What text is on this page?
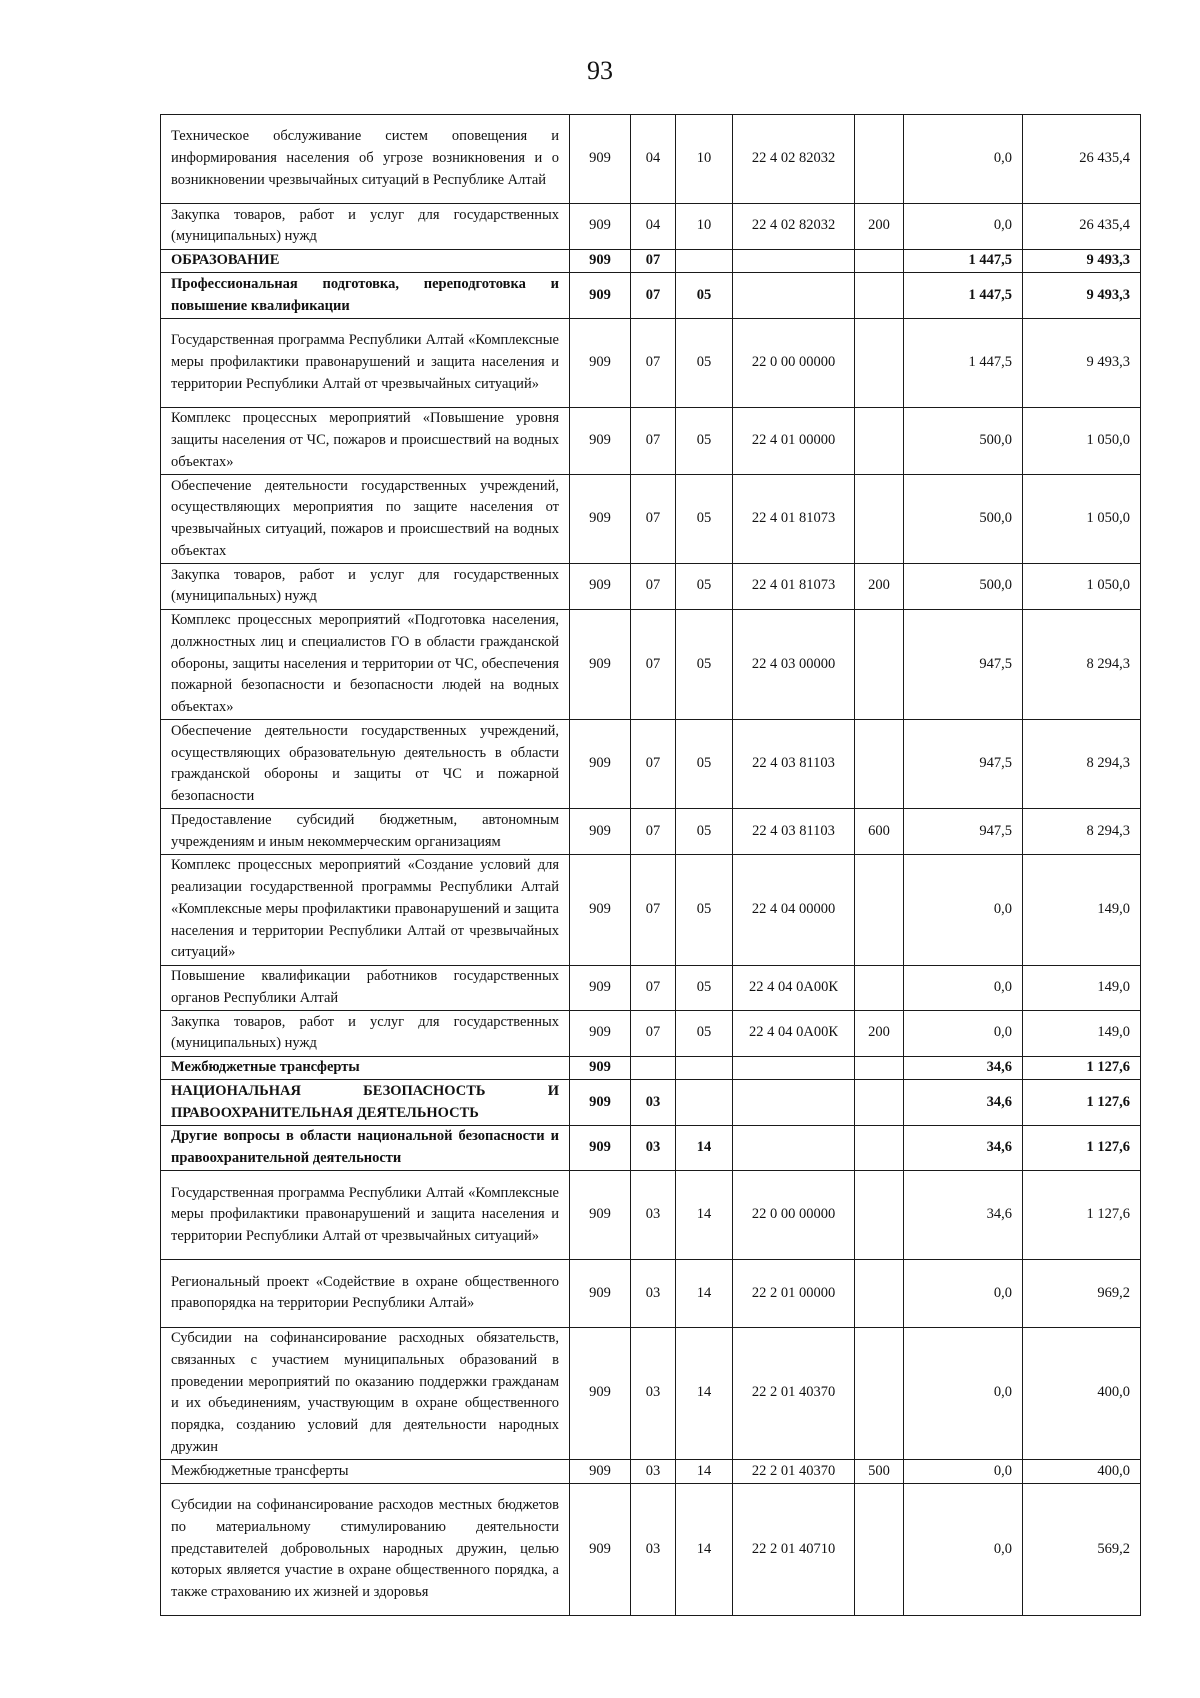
93
Техническое обслуживание систем оповещения и информирования населения об угрозе возникновения и о возникновении чрезвычайных ситуаций в Республике Алтай	909	04	10	22 4 02 82032		0,0	26 435,4
Закупка товаров, работ и услуг для государственных (муниципальных) нужд	909	04	10	22 4 02 82032	200	0,0	26 435,4
ОБРАЗОВАНИЕ	909	07				1 447,5	9 493,3
Профессиональная подготовка, переподготовка и повышение квалификации	909	07	05			1 447,5	9 493,3
Государственная программа Республики Алтай «Комплексные меры профилактики правонарушений и защита населения и территории Республики Алтай от чрезвычайных ситуаций»	909	07	05	22 0 00 00000		1 447,5	9 493,3
Комплекс процессных мероприятий «Повышение уровня защиты населения от ЧС, пожаров и происшествий на водных объектах»	909	07	05	22 4 01 00000		500,0	1 050,0
Обеспечение деятельности государственных учреждений, осуществляющих мероприятия по защите населения от чрезвычайных ситуаций, пожаров и происшествий на водных объектах	909	07	05	22 4 01 81073		500,0	1 050,0
Закупка товаров, работ и услуг для государственных (муниципальных) нужд	909	07	05	22 4 01 81073	200	500,0	1 050,0
Комплекс процессных мероприятий «Подготовка населения, должностных лиц и специалистов ГО в области гражданской обороны, защиты населения и территории от ЧС, обеспечения пожарной безопасности и безопасности людей на водных объектах»	909	07	05	22 4 03 00000		947,5	8 294,3
Обеспечение деятельности государственных учреждений, осуществляющих образовательную деятельность в области гражданской обороны и защиты от ЧС и пожарной безопасности	909	07	05	22 4 03 81103		947,5	8 294,3
Предоставление субсидий бюджетным, автономным учреждениям и иным некоммерческим организациям	909	07	05	22 4 03 81103	600	947,5	8 294,3
Комплекс процессных мероприятий «Создание условий для реализации государственной программы Республики Алтай «Комплексные меры профилактики правонарушений и защита населения и территории Республики Алтай от чрезвычайных ситуаций»	909	07	05	22 4 04 00000		0,0	149,0
Повышение квалификации работников государственных органов Республики Алтай	909	07	05	22 4 04 0А00К		0,0	149,0
Закупка товаров, работ и услуг для государственных (муниципальных) нужд	909	07	05	22 4 04 0А00К	200	0,0	149,0
Межбюджетные трансферты	909					34,6	1 127,6
НАЦИОНАЛЬНАЯ БЕЗОПАСНОСТЬ И ПРАВООХРАНИТЕЛЬНАЯ ДЕЯТЕЛЬНОСТЬ	909	03				34,6	1 127,6
Другие вопросы в области национальной безопасности и правоохранительной деятельности	909	03	14			34,6	1 127,6
Государственная программа Республики Алтай «Комплексные меры профилактики правонарушений и защита населения и территории Республики Алтай от чрезвычайных ситуаций»	909	03	14	22 0 00 00000		34,6	1 127,6
Региональный проект «Содействие в охране общественного правопорядка на территории Республики Алтай»	909	03	14	22 2 01 00000		0,0	969,2
Субсидии на софинансирование расходных обязательств, связанных с участием муниципальных образований в проведении мероприятий по оказанию поддержки гражданам и их объединениям, участвующим в охране общественного порядка, созданию условий для деятельности народных дружин	909	03	14	22 2 01 40370		0,0	400,0
Межбюджетные трансферты	909	03	14	22 2 01 40370	500	0,0	400,0
Субсидии на софинансирование расходов местных бюджетов по материальному стимулированию деятельности представителей добровольных народных дружин, целью которых является участие в охране общественного порядка, а также страхованию их жизней и здоровья	909	03	14	22 2 01 40710		0,0	569,2
